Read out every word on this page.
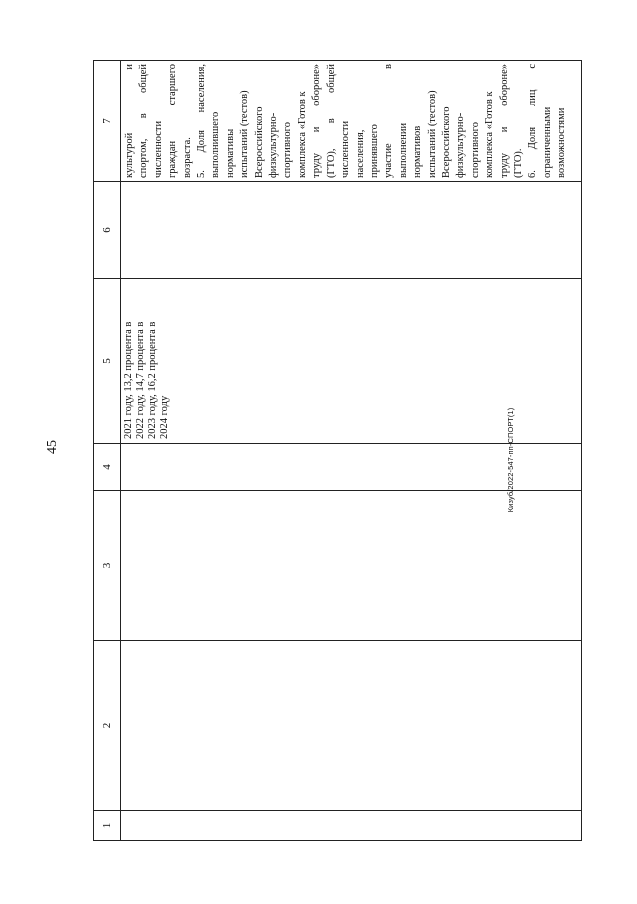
45
1
2
3
4
5
6
7
2021 году, 13,2 процента в 2022 году, 14,7 процента в 2023 году, 16,2 процента в 2024 году
культурой
и
спортом,
в
общей
численности граждан
старшего
возраста. 5.
Доля
населения,
выполнившего нормативы испытаний (тестов) Всероссийского физкультурно- спортивного комплекса «Готов к труду
и
обороне»
(ГТО),
в
общей
численности населения, принявшего участие
в
выполнении нормативов испытаний (тестов) Всероссийского физкультурно- спортивного комплекса «Готов к труду
и
обороне»
(ГТО). 6.
Доля
лиц
с
ограниченными возможностями
Кизуб/2022-547-пп-СПОРТ(1)
